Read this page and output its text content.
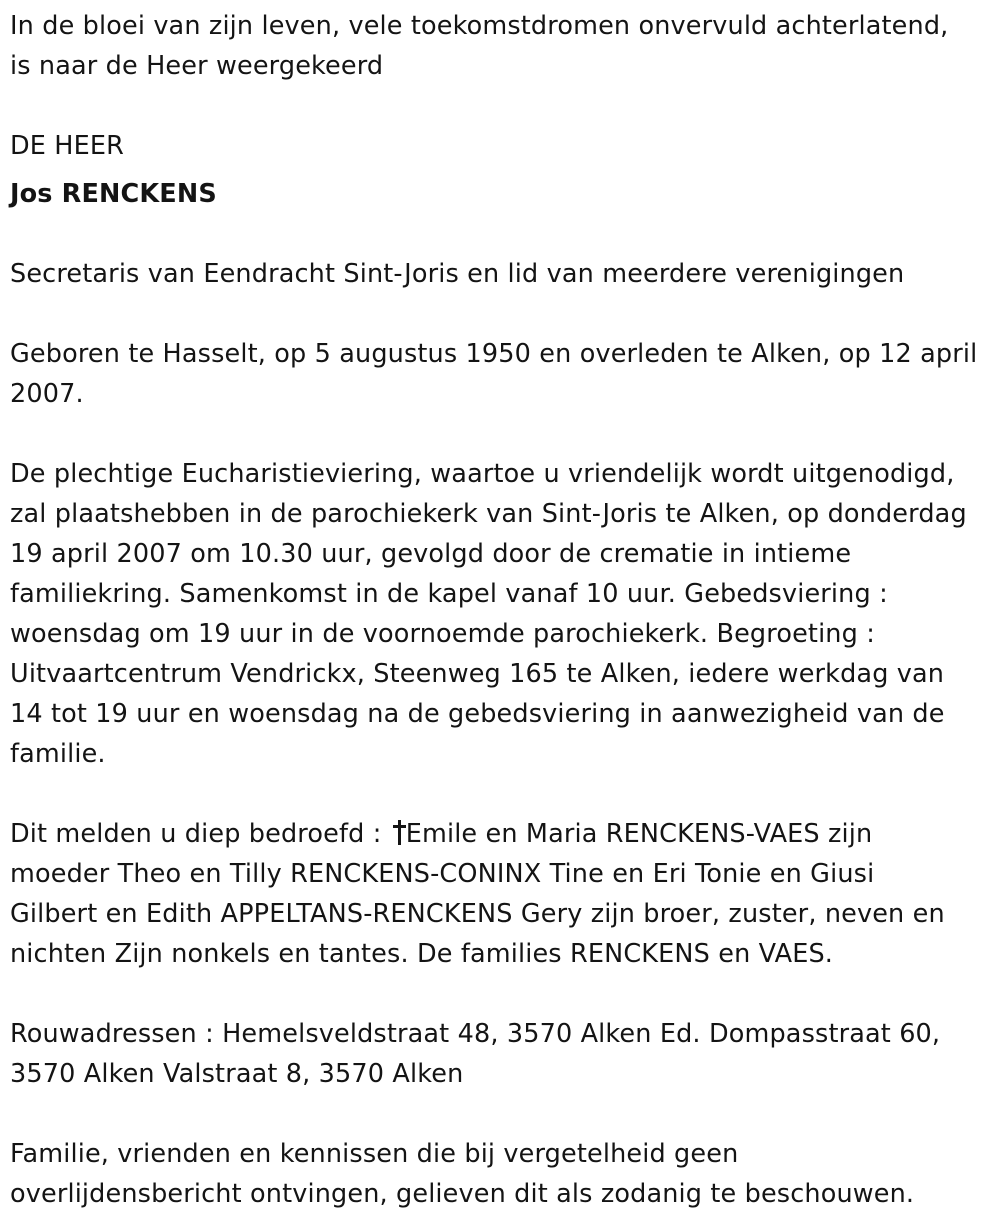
In de bloei van zijn leven, vele toekomstdromen onvervuld achterlatend,
is naar de Heer weergekeerd

DE HEER

Jos RENCKENS

Secretaris van Eendracht Sint-Joris en lid van meerdere verenigingen

Geboren te Hasselt, op 5 augustus 1950 en overleden te Alken, op 12 april
2007.

De plechtige Eucharistieviering, waartoe u vriendelijk wordt uitgenodigd,
zal plaatshebben in de parochiekerk van Sint-Joris te Alken, op donderdag
19 april 2007 om 10.30 uur, gevolgd door de crematie in intieme
familiekring. Samenkomst in de kapel vanaf 10 uur. Gebedsviering :
woensdag om 19 uur in de voornoemde parochiekerk. Begroeting :
Uitvaartcentrum Vendrickx, Steenweg 165 te Alken, iedere werkdag van
14 tot 19 uur en woensdag na de gebedsviering in aanwezigheid van de
familie.

Dit melden u diep bedroefd : Emile en Maria RENCKENS-VAES zijn
moeder Theo en Tilly RENCKENS-CONINX Tine en Eri Tonie en Giusi
Gilbert en Edith APPELTANS-RENCKENS Gery zijn broer, zuster, neven en
nichten Zijn nonkels en tantes. De families RENCKENS en VAES.

Rouwadressen : Hemelsveldstraat 48, 3570 Alken Ed. Dompasstraat 60,
3570 Alken Valstraat 8, 3570 Alken

Familie, vrienden en kennissen die bij vergetelheid geen
overlijdensbericht ontvingen, gelieven dit als zodanig te beschouwen.
